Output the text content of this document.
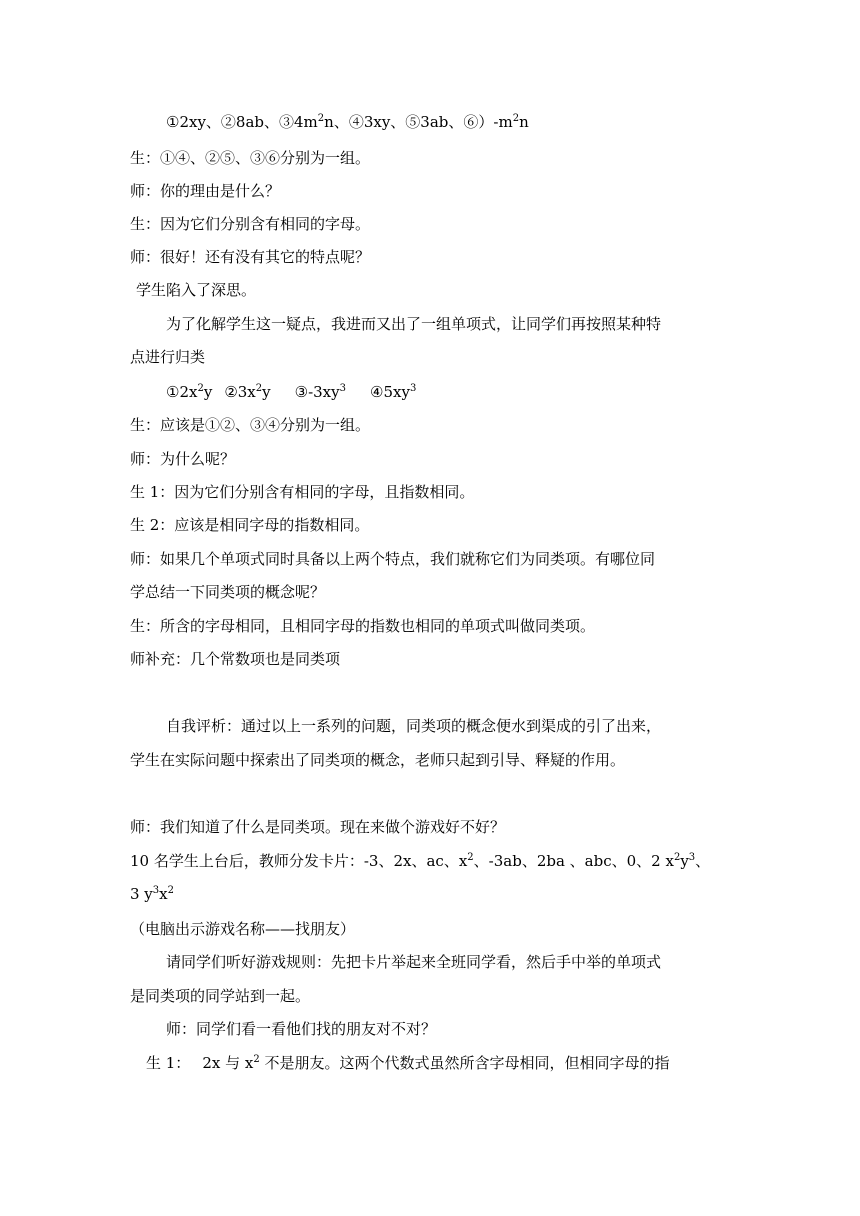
①2xy、②8ab、$③4m^2n$、④3xy、⑤3ab、$⑥)-m^2n$
生：①④、②⑤、③⑥分别为一组。
师：你的理由是什么？
生：因为它们分别含有相同的字母。
师：很好！还有没有其它的特点呢？
学生陷入了深思。
为了化解学生这一疑点，我进而又出了一组单项式，让同学们再按照某种特
点进行归类
$①2x^2y$ $②3x^2y$ $③-3xy^3$ $④5xy^3$
生：应该是①②、③④分别为一组。
师：为什么呢？
生 1：因为它们分别含有相同的字母，且指数相同。
生 2：应该是相同字母的指数相同。
师：如果几个单项式同时具备以上两个特点，我们就称它们为同类项。有哪位同
学总结一下同类项的概念呢？
生：所含的字母相同，且相同字母的指数也相同的单项式叫做同类项。
师补充：几个常数项也是同类项
自我评析：通过以上一系列的问题，同类项的概念便水到渠成的引了出来，
学生在实际问题中探索出了同类项的概念，老师只起到引导、释疑的作用。
师：我们知道了什么是同类项。现在来做个游戏好不好？
10 名学生上台后，教师分发卡片：-3、2x、ac、$x^2$、-3ab、2ba 、abc、0、2 $x^2y^3$、
3 $y^3x^2$
（电脑出示游戏名称——找朋友）
请同学们听好游戏规则：先把卡片举起来全班同学看，然后手中举的单项式
是同类项的同学站到一起。
师：同学们看一看他们找的朋友对不对？
生 1： 2x 与 $x^2$ 不是朋友。这两个代数式虽然所含字母相同，但相同字母的指
